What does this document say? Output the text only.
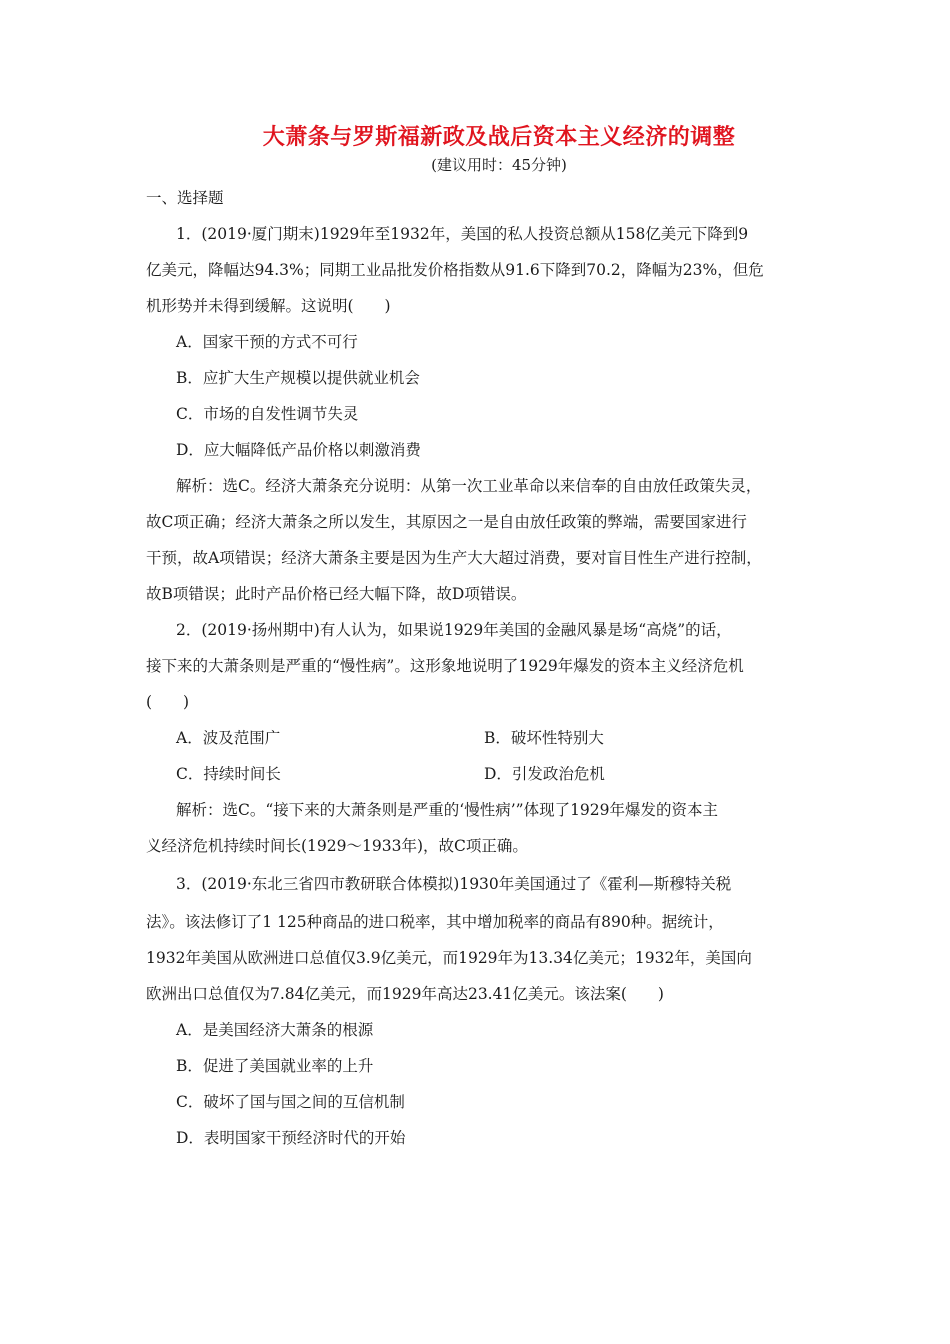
大萧条与罗斯福新政及战后资本主义经济的调整
(建议用时：45分钟)
一、选择题
1．(2019·厦门期末)1929年至1932年，美国的私人投资总额从158亿美元下降到9
亿美元，降幅达94.3%；同期工业品批发价格指数从91.6下降到70.2，降幅为23%，但危
机形势并未得到缓解。这说明(　　)
A．国家干预的方式不可行
B．应扩大生产规模以提供就业机会
C．市场的自发性调节失灵
D．应大幅降低产品价格以刺激消费
解析：选C。经济大萧条充分说明：从第一次工业革命以来信奉的自由放任政策失灵，
故C项正确；经济大萧条之所以发生，其原因之一是自由放任政策的弊端，需要国家进行
干预，故A项错误；经济大萧条主要是因为生产大大超过消费，要对盲目性生产进行控制，
故B项错误；此时产品价格已经大幅下降，故D项错误。
2．(2019·扬州期中)有人认为，如果说1929年美国的金融风暴是场“高烧”的话，
接下来的大萧条则是严重的“慢性病”。这形象地说明了1929年爆发的资本主义经济危机
(　　)
A．波及范围广	B．破坏性特别大
C．持续时间长	D．引发政治危机
解析：选C。“接下来的大萧条则是严重的‘慢性病’”体现了1929年爆发的资本主
义经济危机持续时间长(1929～1933年)，故C项正确。
3．(2019·东北三省四市教研联合体模拟)1930年美国通过了《霍利—斯穆特关税
法》。该法修订了1 125种商品的进口税率，其中增加税率的商品有890种。据统计，
1932年美国从欧洲进口总值仅3.9亿美元，而1929年为13.34亿美元；1932年，美国向
欧洲出口总值仅为7.84亿美元，而1929年高达23.41亿美元。该法案(　　)
A．是美国经济大萧条的根源
B．促进了美国就业率的上升
C．破坏了国与国之间的互信机制
D．表明国家干预经济时代的开始
